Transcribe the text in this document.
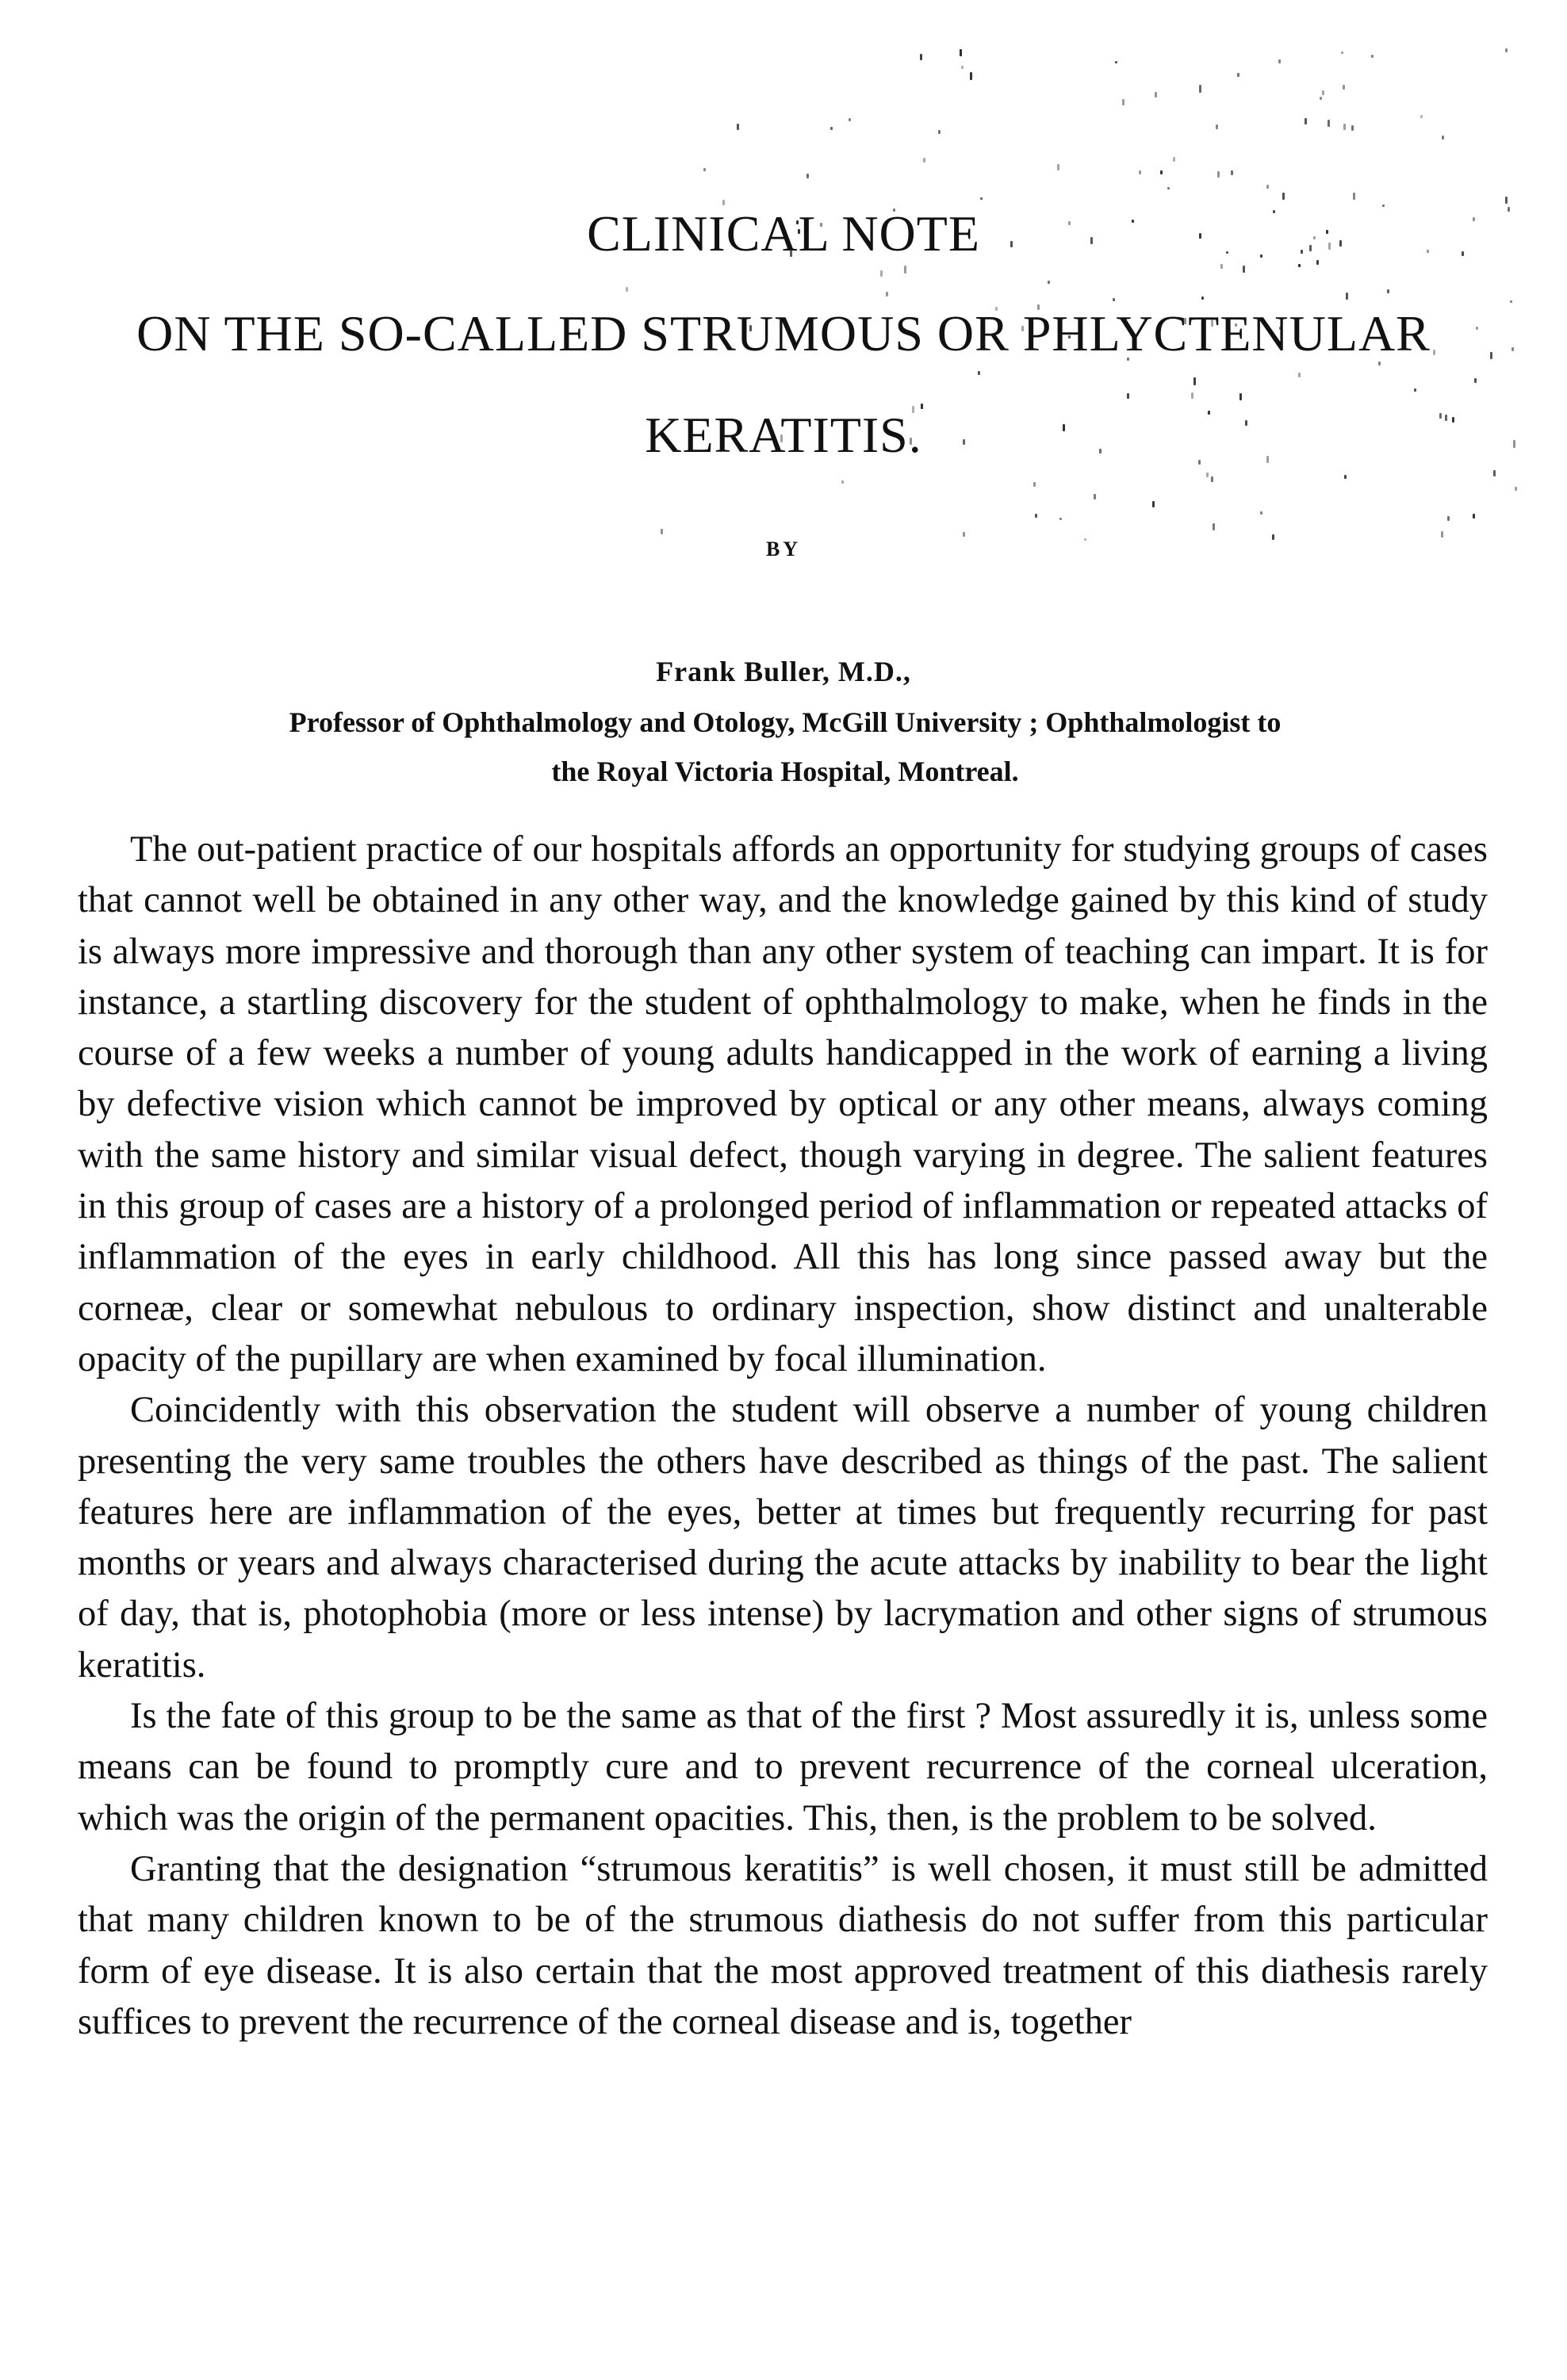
CLINICAL NOTE
ON THE SO-CALLED STRUMOUS OR PHLYCTENULAR
KERATITIS.
BY
Frank Buller, M.D.,
Professor of Ophthalmology and Otology, McGill University ; Ophthalmologist to
the Royal Victoria Hospital, Montreal.

The out-patient practice of our hospitals affords an opportunity for studying groups of cases that cannot well be obtained in any other way, and the knowledge gained by this kind of study is always more impressive and thorough than any other system of teaching can impart. It is for instance, a startling discovery for the student of ophthalmology to make, when he finds in the course of a few weeks a number of young adults handicapped in the work of earning a living by defective vision which cannot be improved by optical or any other means, always coming with the same history and similar visual defect, though varying in degree. The salient features in this group of cases are a history of a prolonged period of inflammation or repeated attacks of inflammation of the eyes in early childhood. All this has long since passed away but the corneæ, clear or somewhat nebulous to ordinary inspection, show distinct and unalterable opacity of the pupillary are when examined by focal illumination.

Coincidently with this observation the student will observe a number of young children presenting the very same troubles the others have described as things of the past. The salient features here are inflammation of the eyes, better at times but frequently recurring for past months or years and always characterised during the acute attacks by inability to bear the light of day, that is, photophobia (more or less intense) by lacrymation and other signs of strumous keratitis.

Is the fate of this group to be the same as that of the first ? Most assuredly it is, unless some means can be found to promptly cure and to prevent recurrence of the corneal ulceration, which was the origin of the permanent opacities. This, then, is the problem to be solved.

Granting that the designation “strumous keratitis” is well chosen, it must still be admitted that many children known to be of the strumous diathesis do not suffer from this particular form of eye disease. It is also certain that the most approved treatment of this diathesis rarely suffices to prevent the recurrence of the corneal disease and is, together
